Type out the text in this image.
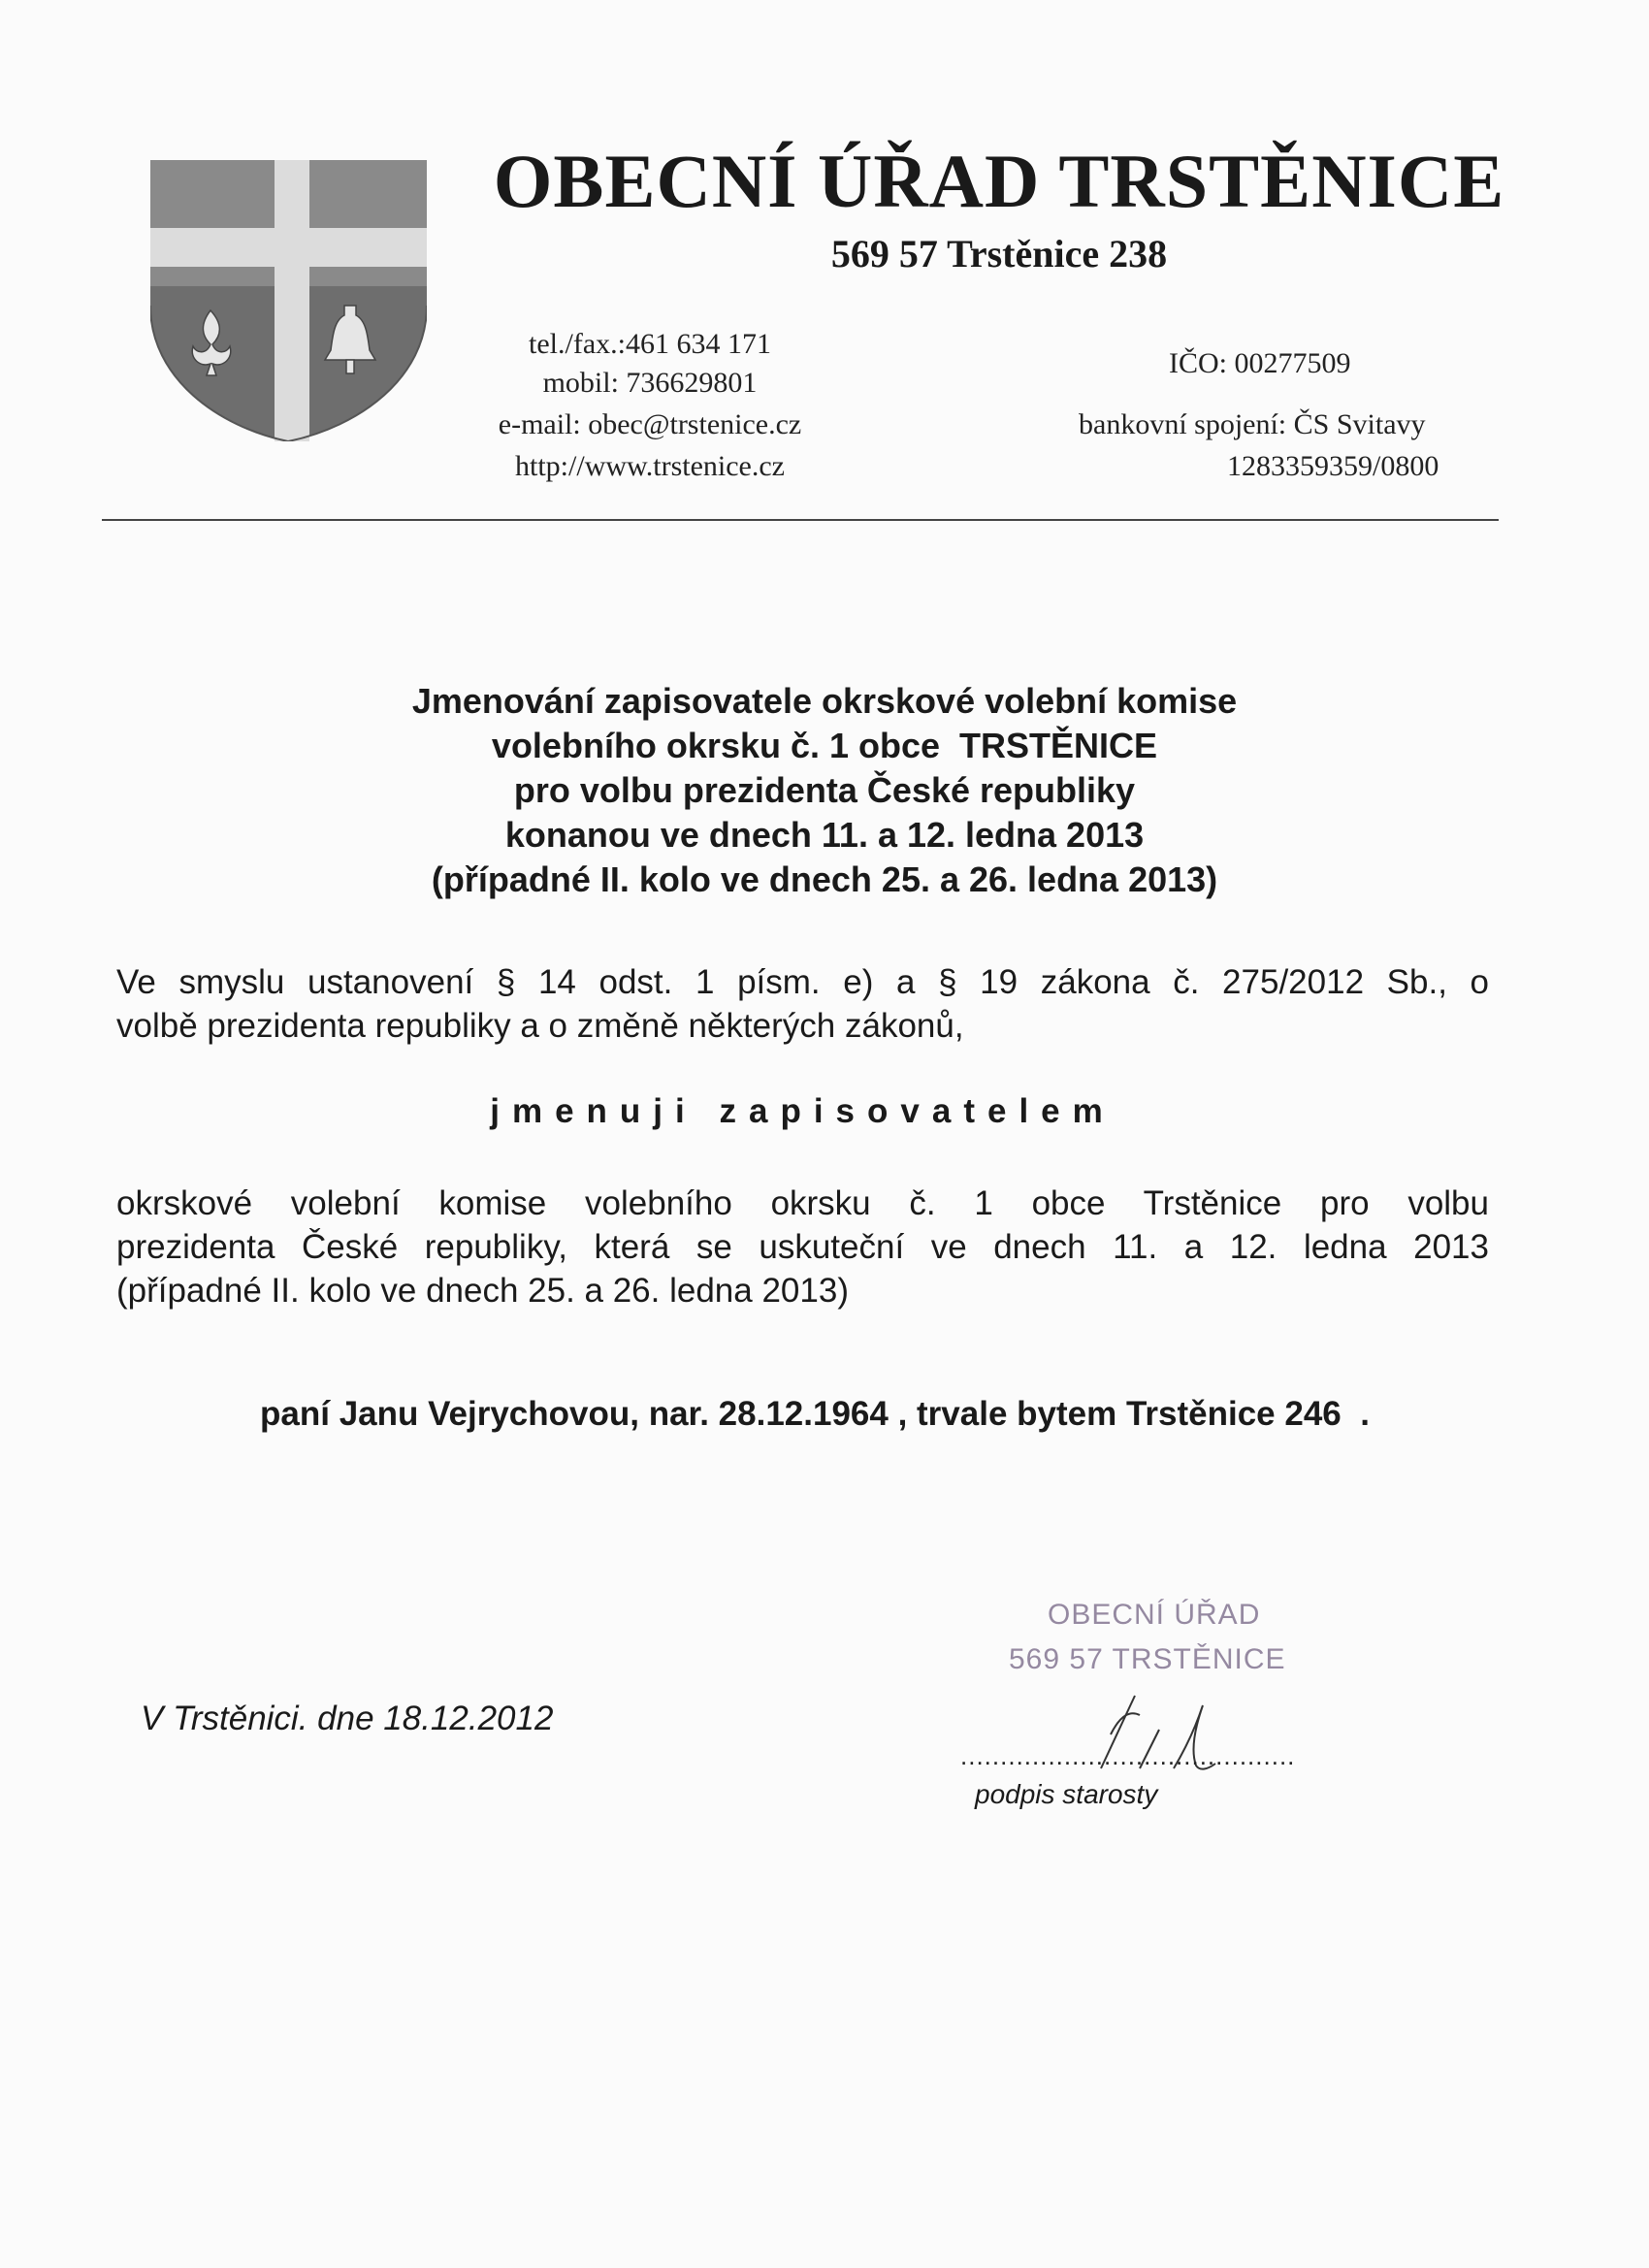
OBECNÍ ÚŘAD TRSTĚNICE
569 57 Trstěnice 238
tel./fax.:461 634 171
mobil: 736629801
e-mail: obec@trstenice.cz
http://www.trstenice.cz
IČO: 00277509
bankovní spojení: ČS Svitavy
1283359359/0800
Jmenování zapisovatele okrskové volební komise
volebního okrsku č. 1 obce  TRSTĚNICE
pro volbu prezidenta České republiky
konanou ve dnech 11. a 12. ledna 2013
(případné II. kolo ve dnech 25. a 26. ledna 2013)
Ve smyslu ustanovení § 14 odst. 1 písm. e) a § 19 zákona č. 275/2012 Sb., o
volbě prezidenta republiky a o změně některých zákonů,
jmenuji zapisovatelem
okrskové volební komise volebního okrsku č. 1 obce Trstěnice pro volbu
prezidenta České republiky, která se uskuteční ve dnech 11. a 12. ledna 2013
(případné II. kolo ve dnech 25. a 26. ledna 2013)
paní Janu Vejrychovou, nar. 28.12.1964 , trvale bytem Trstěnice 246  .
V Trstěnici. dne 18.12.2012
OBECNÍ ÚŘAD
569 57 TRSTĚNICE
..........................................
podpis starosty
